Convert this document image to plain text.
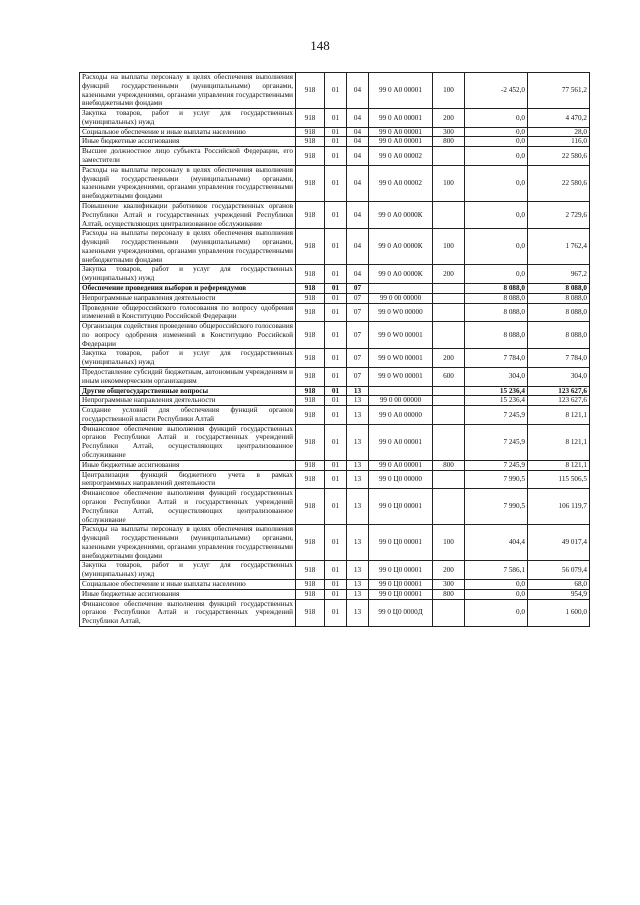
148
Расходы на выплаты персоналу в целях обеспечения выполнения функций государственными (муниципальными) органами, казенными учреждениями, органами управления государственными внебюджетными фондами	918	01	04	99 0 А0 00001	100	-2 452,0	77 561,2
Закупка товаров, работ и услуг для государственных (муниципальных) нужд	918	01	04	99 0 А0 00001	200	0,0	4 470,2
Социальное обеспечение и иные выплаты населению	918	01	04	99 0 А0 00001	300	0,0	28,0
Иные бюджетные ассигнования	918	01	04	99 0 А0 00001	800	0,0	116,0
Высшее должностное лицо субъекта Российской Федерации, его заместители	918	01	04	99 0 А0 00002		0,0	22 580,6
Расходы на выплаты персоналу в целях обеспечения выполнения функций государственными (муниципальными) органами, казенными учреждениями, органами управления государственными внебюджетными фондами	918	01	04	99 0 А0 00002	100	0,0	22 580,6
Повышение квалификации работников государственных органов Республики Алтай и государственных учреждений Республики Алтай, осуществляющих централизованное обслуживание	918	01	04	99 0 А0 0000К		0,0	2 729,6
Расходы на выплаты персоналу в целях обеспечения выполнения функций государственными (муниципальными) органами, казенными учреждениями, органами управления государственными внебюджетными фондами	918	01	04	99 0 А0 0000К	100	0,0	1 762,4
Закупка товаров, работ и услуг для государственных (муниципальных) нужд	918	01	04	99 0 А0 0000К	200	0,0	967,2
Обеспечение проведения выборов и референдумов	918	01	07			8 088,0	8 088,0
Непрограммные направления деятельности	918	01	07	99 0 00 00000		8 088,0	8 088,0
Проведение общероссийского голосования по вопросу одобрения изменений в Конституцию Российской Федерации	918	01	07	99 0 W0 00000		8 088,0	8 088,0
Организация содействия проведению общероссийского голосования по вопросу одобрения изменений в Конституцию Российской Федерации	918	01	07	99 0 W0 00001		8 088,0	8 088,0
Закупка товаров, работ и услуг для государственных (муниципальных) нужд	918	01	07	99 0 W0 00001	200	7 784,0	7 784,0
Предоставление субсидий бюджетным, автономным учреждениям и иным некоммерческим организациям	918	01	07	99 0 W0 00001	600	304,0	304,0
Другие общегосударственные вопросы	918	01	13			15 236,4	123 627,6
Непрограммные направления деятельности	918	01	13	99 0 00 00000		15 236,4	123 627,6
Создание условий для обеспечения функций органов государственной власти Республики Алтай	918	01	13	99 0 А0 00000		7 245,9	8 121,1
Финансовое обеспечение выполнения функций государственных органов Республики Алтай и государственных учреждений Республики Алтай, осуществляющих централизованное обслуживание	918	01	13	99 0 А0 00001		7 245,9	8 121,1
Иные бюджетные ассигнования	918	01	13	99 0 А0 00001	800	7 245,9	8 121,1
Централизация функций бюджетного учета в рамках непрограммных направлений деятельности	918	01	13	99 0 Ц0 00000		7 990,5	115 506,5
Финансовое обеспечение выполнения функций государственных органов Республики Алтай и государственных учреждений Республики Алтай, осуществляющих централизованное обслуживание	918	01	13	99 0 Ц0 00001		7 990,5	106 119,7
Расходы на выплаты персоналу в целях обеспечения выполнения функций государственными (муниципальными) органами, казенными учреждениями, органами управления государственными внебюджетными фондами	918	01	13	99 0 Ц0 00001	100	404,4	49 017,4
Закупка товаров, работ и услуг для государственных (муниципальных) нужд	918	01	13	99 0 Ц0 00001	200	7 586,1	56 079,4
Социальное обеспечение и иные выплаты населению	918	01	13	99 0 Ц0 00001	300	0,0	68,0
Иные бюджетные ассигнования	918	01	13	99 0 Ц0 00001	800	0,0	954,9
Финансовое обеспечение выполнения функций государственных органов Республики Алтай и государственных учреждений Республики Алтай,	918	01	13	99 0 Ц0 0000Д		0,0	1 600,0
